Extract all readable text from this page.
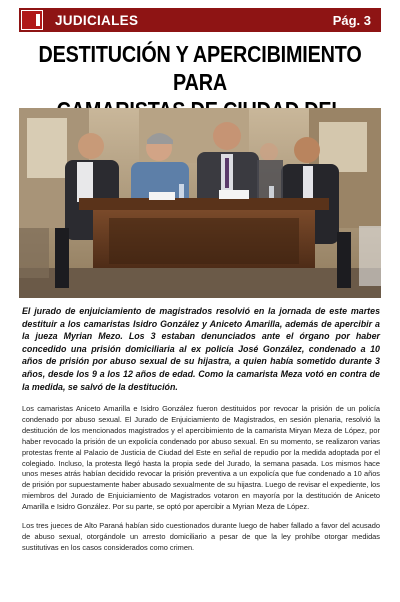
JUDICIALES	Pág. 3
DESTITUCIÓN Y APERCIBIMIENTO PARA

El jurado de enjuiciamiento de magistrados resolvió en la jornada de este martes destituir a los camaristas Isidro González y Aniceto Amarilla, además de apercibir a la jueza Myrian Mezo. Los 3 estaban denunciados ante el órgano por haber concedido una prisión domiciliaria al ex policía José González, condenado a 10 años de prisión por abuso sexual de su hijastra, a quien había sometido durante 3 años, desde los 9 a los 12 años de edad. Como la camarista Meza votó en contra de la medida, se salvó de la destitución.

Los camaristas Aniceto Amarilla e Isidro González fueron destituidos por revocar la prisión de un policía condenado por abuso sexual. El Jurado de Enjuiciamiento de Magistrados, en sesión plenaria, resolvió la destitución de los mencionados magistrados y el apercibimiento de la camarista Miryan Meza de López, por haber revocado la prisión de un expolicía condenado por abuso sexual. En su momento, se realizaron varias protestas frente al Palacio de Justicia de Ciudad del Este en señal de repudio por la medida adoptada por el colegiado. Incluso, la protesta llegó hasta la propia sede del Jurado, la semana pasada. Los mismos hace unos meses atrás habían decidido revocar la prisión preventiva a un expolicía que fue condenado a 10 años de prisión por supuestamente haber abusado sexualmente de su hijastra. Luego de revisar el expediente, los miembros del Jurado de Enjuiciamiento de Magistrados votaron en mayoría por la destitución de Aniceto Amarilla e Isidro González. Por su parte, se optó por apercibir a Myrian Meza de López.

Los tres jueces de Alto Paraná habían sido cuestionados durante luego de haber fallado a favor del acusado de abuso sexual, otorgándole un arresto domiciliario a pesar de que la ley prohíbe otorgar medidas sustitutivas en los casos considerados como crimen.
